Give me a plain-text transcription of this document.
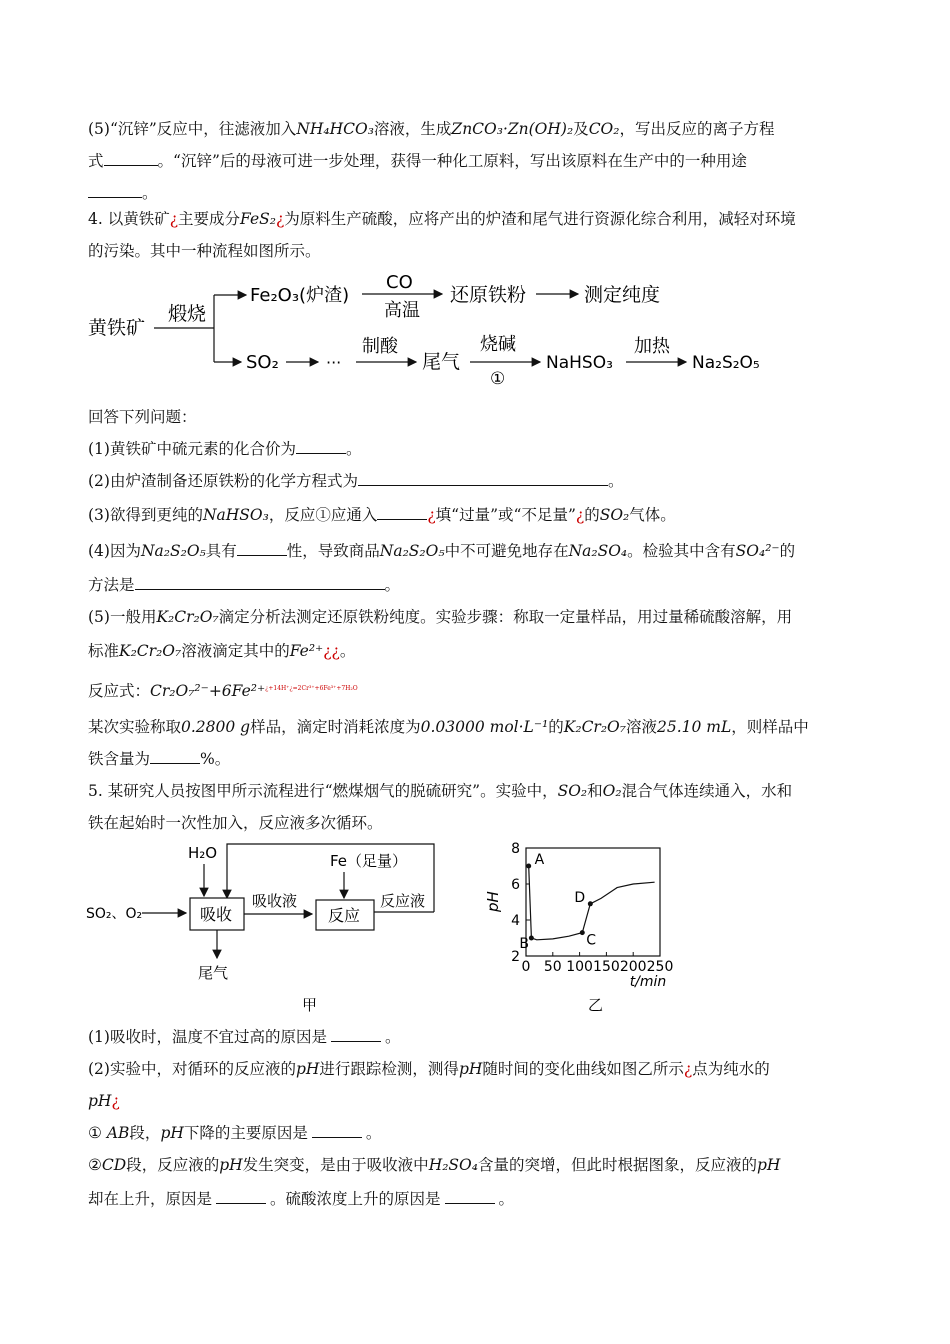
(5)“沉锌”反应中，往滤液加入NH₄HCO₃溶液，生成ZnCO₃·Zn(OH)₂及CO₂，写出反应的离子方程
式	。“沉锌”后的母液可进一步处理，获得一种化工原料，写出该原料在生产中的一种用途
。
4. 以黄铁矿¿主要成分FeS₂¿为原料生产硫酸，应将产出的炉渣和尾气进行资源化综合利用，减轻对环境
的污染。其中一种流程如图所示。
黄铁矿
煅烧
Fe₂O₃(炉渣)
CO
高温
还原铁粉	测定纯度
SO₂	···
制酸
尾气
烧碱
①
NaHSO₃
加热
Na₂S₂O₅
回答下列问题：
(1)黄铁矿中硫元素的化合价为	。
(2)由炉渣制备还原铁粉的化学方程式为	。
(3)欲得到更纯的NaHSO₃，反应①应通入	¿填“过量”或“不足量”¿的SO₂气体。
(4)因为Na₂S₂O₅具有	性，导致商品Na₂S₂O₅中不可避免地存在Na₂SO₄。检验其中含有SO₄²⁻的
方法是	。
(5)一般用K₂Cr₂O₇滴定分析法测定还原铁粉纯度。实验步骤：称取一定量样品，用过量稀硫酸溶解，用
标准K₂Cr₂O₇溶液滴定其中的Fe²⁺¿¿。
反应式：Cr₂O₇²⁻+6Fe²⁺$^{¿+14H^+¿=2Cr^{3+}+6Fe^{3+}+7H_2O}$
某次实验称取0.2800 g样品，滴定时消耗浓度为0.03000 mol·L⁻¹的K₂Cr₂O₇溶液25.10 mL，则样品中
铁含量为	%。
5. 某研究人员按图甲所示流程进行“燃煤烟气的脱硫研究”。实验中，SO₂和O₂混合气体连续通入，水和
铁在起始时一次性加入，反应液多次循环。
H₂O	Fe（足量）
SO₂、O₂	吸收
吸收液
反应
反应液
尾气
甲
2
4
6
8
0 50 100 150 200 250
pH
t/min
A
B	C
D
乙
(1)吸收时，温度不宜过高的原因是	。
(2)实验中，对循环的反应液的pH进行跟踪检测，测得pH随时间的变化曲线如图乙所示¿点为纯水的
pH¿
① AB段，pH下降的主要原因是	。
②CD段，反应液的pH发生突变，是由于吸收液中H₂SO₄含量的突增，但此时根据图象，反应液的pH
却在上升，原因是	。硫酸浓度上升的原因是	。
